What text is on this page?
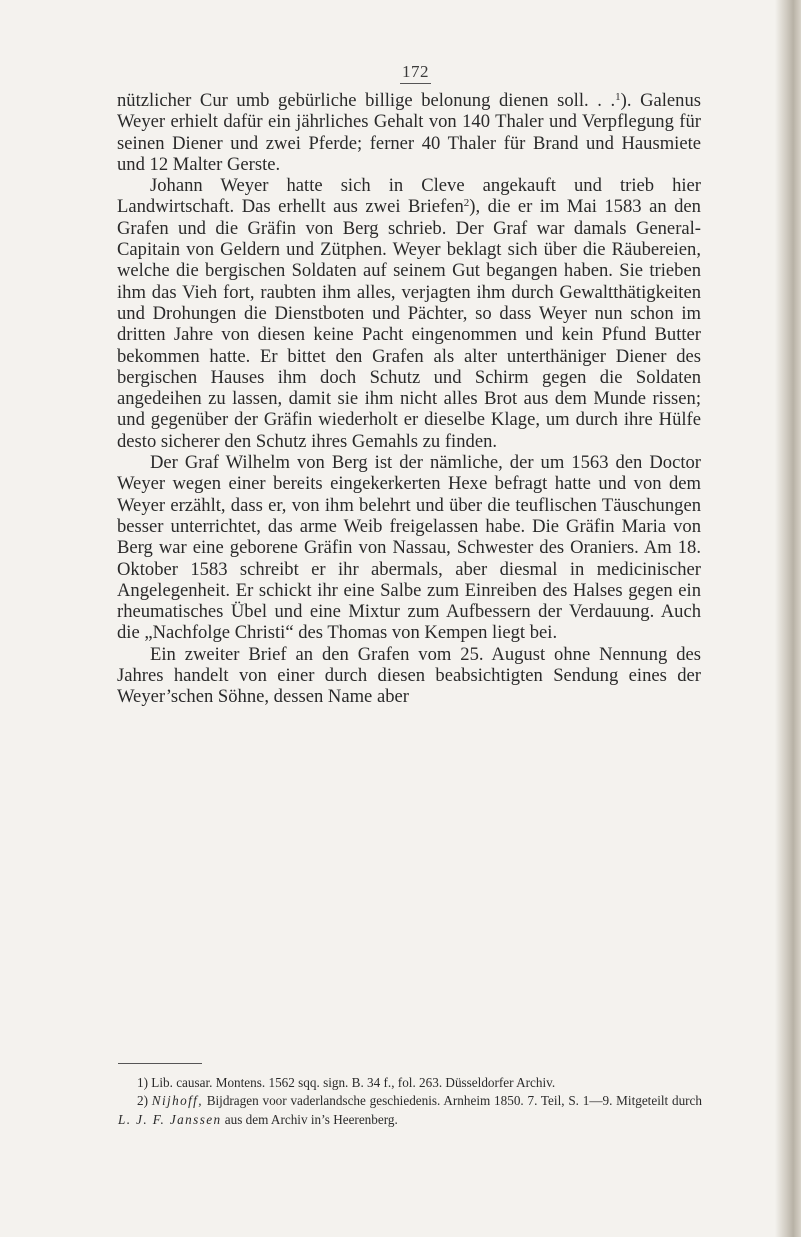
172

nützlicher Cur umb gebürliche billige belonung dienen soll. . .$^1$). Galenus Weyer erhielt dafür ein jährliches Gehalt von 140 Thaler und Verpflegung für seinen Diener und zwei Pferde; ferner 40 Thaler für Brand und Hausmiete und 12 Malter Gerste.

Johann Weyer hatte sich in Cleve angekauft und trieb hier Landwirtschaft. Das erhellt aus zwei Briefen$^2$), die er im Mai 1583 an den Grafen und die Gräfin von Berg schrieb. Der Graf war damals General-Capitain von Geldern und Zütphen. Weyer beklagt sich über die Räubereien, welche die bergischen Soldaten auf seinem Gut begangen haben. Sie trieben ihm das Vieh fort, raubten ihm alles, verjagten ihm durch Gewaltthätigkeiten und Drohungen die Dienstboten und Pächter, so dass Weyer nun schon im dritten Jahre von diesen keine Pacht eingenommen und kein Pfund Butter bekommen hatte. Er bittet den Grafen als alter unterthäniger Diener des bergischen Hauses ihm doch Schutz und Schirm gegen die Soldaten angedeihen zu lassen, damit sie ihm nicht alles Brot aus dem Munde rissen; und gegenüber der Gräfin wiederholt er dieselbe Klage, um durch ihre Hülfe desto sicherer den Schutz ihres Gemahls zu finden.

Der Graf Wilhelm von Berg ist der nämliche, der um 1563 den Doctor Weyer wegen einer bereits eingekerkerten Hexe befragt hatte und von dem Weyer erzählt, dass er, von ihm belehrt und über die teuflischen Täuschungen besser unterrichtet, das arme Weib freigelassen habe. Die Gräfin Maria von Berg war eine geborene Gräfin von Nassau, Schwester des Oraniers. Am 18. Oktober 1583 schreibt er ihr abermals, aber diesmal in medicinischer Angelegenheit. Er schickt ihr eine Salbe zum Einreiben des Halses gegen ein rheumatisches Übel und eine Mixtur zum Aufbessern der Verdauung. Auch die „Nachfolge Christi“ des Thomas von Kempen liegt bei.

Ein zweiter Brief an den Grafen vom 25. August ohne Nennung des Jahres handelt von einer durch diesen beabsichtigten Sendung eines der Weyer’schen Söhne, dessen Name aber

1) Lib. causar. Montens. 1562 sqq. sign. B. 34 f., fol. 263. Düsseldorfer Archiv.

2) Nijhoff, Bijdragen voor vaderlandsche geschiedenis. Arnheim 1850. 7. Teil, S. 1—9. Mitgeteilt durch L. J. F. Janssen aus dem Archiv in’s Heerenberg.
